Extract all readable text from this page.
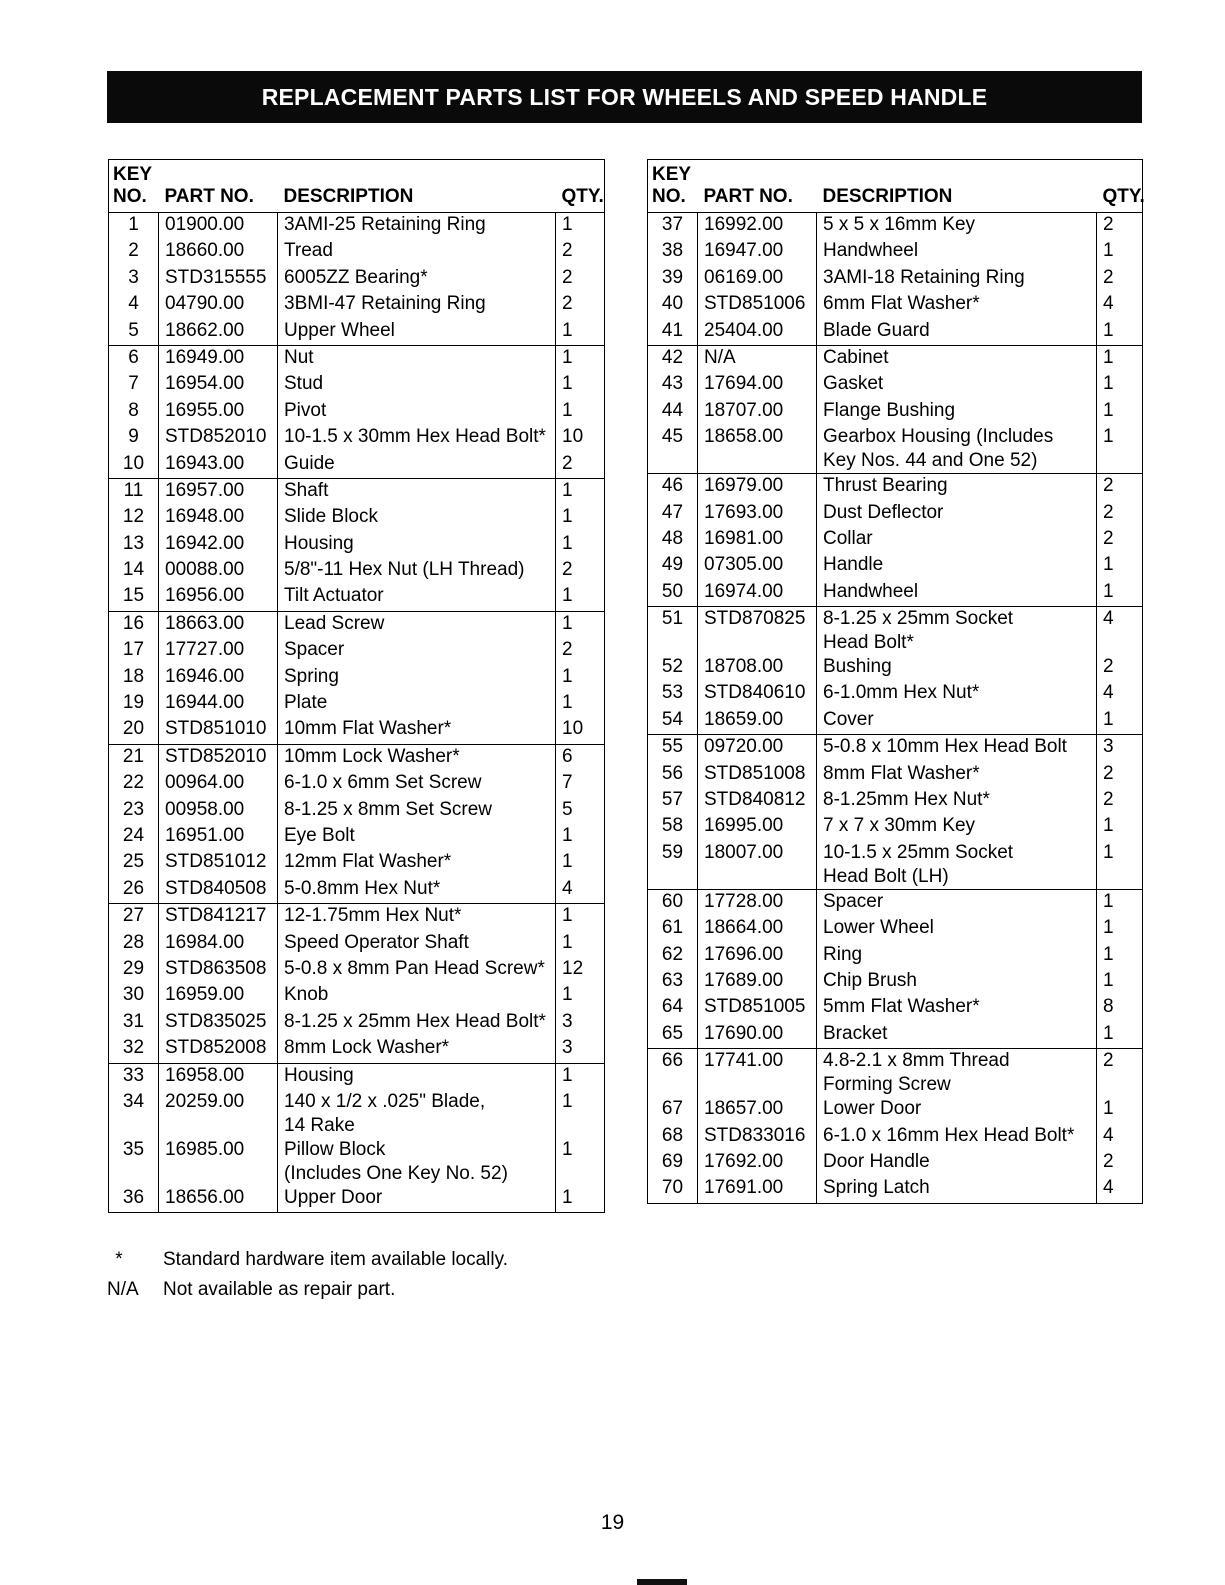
REPLACEMENT PARTS LIST FOR WHEELS AND SPEED HANDLE
KEY
NO.	PART NO.	DESCRIPTION	QTY.
1	01900.00	3AMI-25 Retaining Ring	1
2	18660.00	Tread	2
3	STD315555	6005ZZ Bearing*	2
4	04790.00	3BMI-47 Retaining Ring	2
5	18662.00	Upper Wheel	1
6	16949.00	Nut	1
7	16954.00	Stud	1
8	16955.00	Pivot	1
9	STD852010	10-1.5 x 30mm Hex Head Bolt*	10
10	16943.00	Guide	2
11	16957.00	Shaft	1
12	16948.00	Slide Block	1
13	16942.00	Housing	1
14	00088.00	5/8"-11 Hex Nut (LH Thread)	2
15	16956.00	Tilt Actuator	1
16	18663.00	Lead Screw	1
17	17727.00	Spacer	2
18	16946.00	Spring	1
19	16944.00	Plate	1
20	STD851010	10mm Flat Washer*	10
21	STD852010	10mm Lock Washer*	6
22	00964.00	6-1.0 x 6mm Set Screw	7
23	00958.00	8-1.25 x 8mm Set Screw	5
24	16951.00	Eye Bolt	1
25	STD851012	12mm Flat Washer*	1
26	STD840508	5-0.8mm Hex Nut*	4
27	STD841217	12-1.75mm Hex Nut*	1
28	16984.00	Speed Operator Shaft	1
29	STD863508	5-0.8 x 8mm Pan Head Screw*	12
30	16959.00	Knob	1
31	STD835025	8-1.25 x 25mm Hex Head Bolt*	3
32	STD852008	8mm Lock Washer*	3
33	16958.00	Housing	1
34	20259.00	140 x 1/2 x .025" Blade,
14 Rake	1
35	16985.00	Pillow Block
(Includes One Key No. 52)	1
36	18656.00	Upper Door	1
KEY
NO.	PART NO.	DESCRIPTION	QTY.
37	16992.00	5 x 5 x 16mm Key	2
38	16947.00	Handwheel	1
39	06169.00	3AMI-18 Retaining Ring	2
40	STD851006	6mm Flat Washer*	4
41	25404.00	Blade Guard	1
42	N/A	Cabinet	1
43	17694.00	Gasket	1
44	18707.00	Flange Bushing	1
45	18658.00	Gearbox Housing (Includes
Key Nos. 44 and One 52)	1
46	16979.00	Thrust Bearing	2
47	17693.00	Dust Deflector	2
48	16981.00	Collar	2
49	07305.00	Handle	1
50	16974.00	Handwheel	1
51	STD870825	8-1.25 x 25mm Socket
Head Bolt*	4
52	18708.00	Bushing	2
53	STD840610	6-1.0mm Hex Nut*	4
54	18659.00	Cover	1
55	09720.00	5-0.8 x 10mm Hex Head Bolt	3
56	STD851008	8mm Flat Washer*	2
57	STD840812	8-1.25mm Hex Nut*	2
58	16995.00	7 x 7 x 30mm Key	1
59	18007.00	10-1.5 x 25mm Socket
Head Bolt (LH)	1
60	17728.00	Spacer	1
61	18664.00	Lower Wheel	1
62	17696.00	Ring	1
63	17689.00	Chip Brush	1
64	STD851005	5mm Flat Washer*	8
65	17690.00	Bracket	1
66	17741.00	4.8-2.1 x 8mm Thread
Forming Screw	2
67	18657.00	Lower Door	1
68	STD833016	6-1.0 x 16mm Hex Head Bolt*	4
69	17692.00	Door Handle	2
70	17691.00	Spring Latch	4
*	Standard hardware item available locally.
N/A	Not available as repair part.
19
